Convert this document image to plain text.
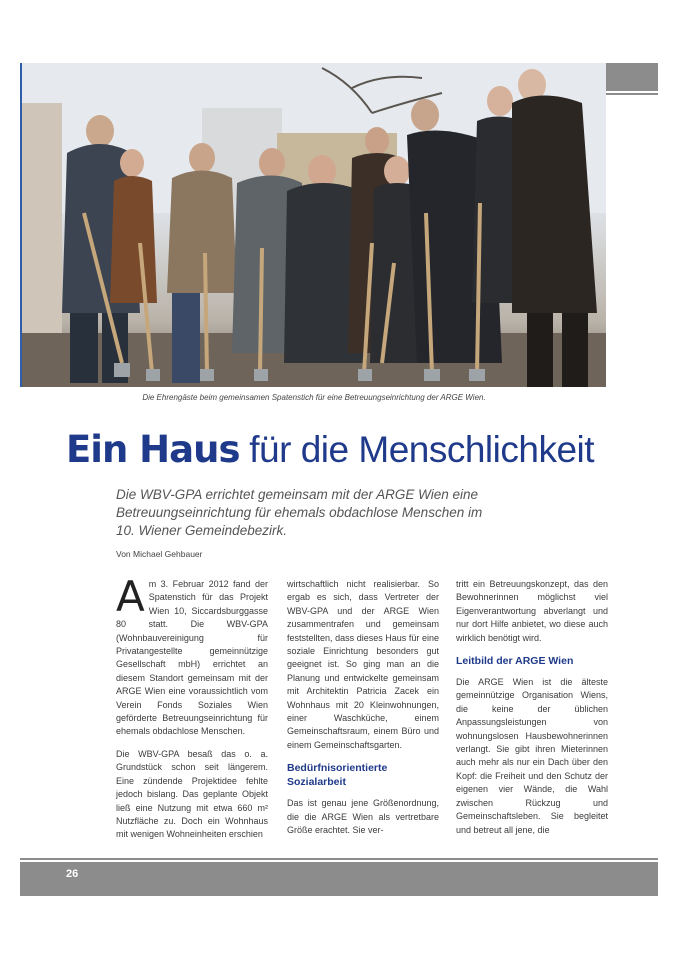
Die Ehrengäste beim gemeinsamen Spatenstich für eine Betreuungseinrichtung der ARGE Wien.
Ein Haus für die Menschlichkeit
Die WBV-GPA errichtet gemeinsam mit der ARGE Wien eine Betreuungseinrichtung für ehemals obdachlose Menschen im 10. Wiener Gemeindebezirk.
Von Michael Gehbauer

Am 3. Februar 2012 fand der Spatenstich für das Projekt Wien 10, Siccardsburggasse 80 statt. Die WBV-GPA (Wohnbauvereinigung für Privatangestellte gemeinnützige Gesellschaft mbH) errichtet an diesem Standort gemeinsam mit der ARGE Wien eine voraussichtlich vom Verein Fonds Soziales Wien geförderte Betreuungseinrichtung für ehemals obdachlose Menschen.

Die WBV-GPA besaß das o. a. Grundstück schon seit längerem. Eine zündende Projektidee fehlte jedoch bislang. Das geplante Objekt ließ eine Nutzung mit etwa 660 m² Nutzfläche zu. Doch ein Wohnhaus mit wenigen Wohneinheiten erschien

wirtschaftlich nicht realisierbar. So ergab es sich, dass Vertreter der WBV-GPA und der ARGE Wien zusammentrafen und gemeinsam feststellten, dass dieses Haus für eine soziale Einrichtung besonders gut geeignet ist. So ging man an die Planung und entwickelte gemeinsam mit Architektin Patricia Zacek ein Wohnhaus mit 20 Kleinwohnungen, einer Waschküche, einem Gemeinschaftsraum, einem Büro und einem Gemeinschaftsgarten.

Bedürfnisorientierte Sozialarbeit

Das ist genau jene Größenordnung, die die ARGE Wien als vertretbare Größe erachtet. Sie ver-

tritt ein Betreuungskonzept, das den Bewohnerinnen möglichst viel Eigenverantwortung abverlangt und nur dort Hilfe anbietet, wo diese auch wirklich benötigt wird.

Leitbild der ARGE Wien

Die ARGE Wien ist die älteste gemeinnützige Organisation Wiens, die keine der üblichen Anpassungsleistungen von wohnungslosen Hausbewohnerinnen verlangt. Sie gibt ihren Mieterinnen auch mehr als nur ein Dach über den Kopf: die Freiheit und den Schutz der eigenen vier Wände, die Wahl zwischen Rückzug und Gemeinschaftsleben. Sie begleitet und betreut all jene, die

26
